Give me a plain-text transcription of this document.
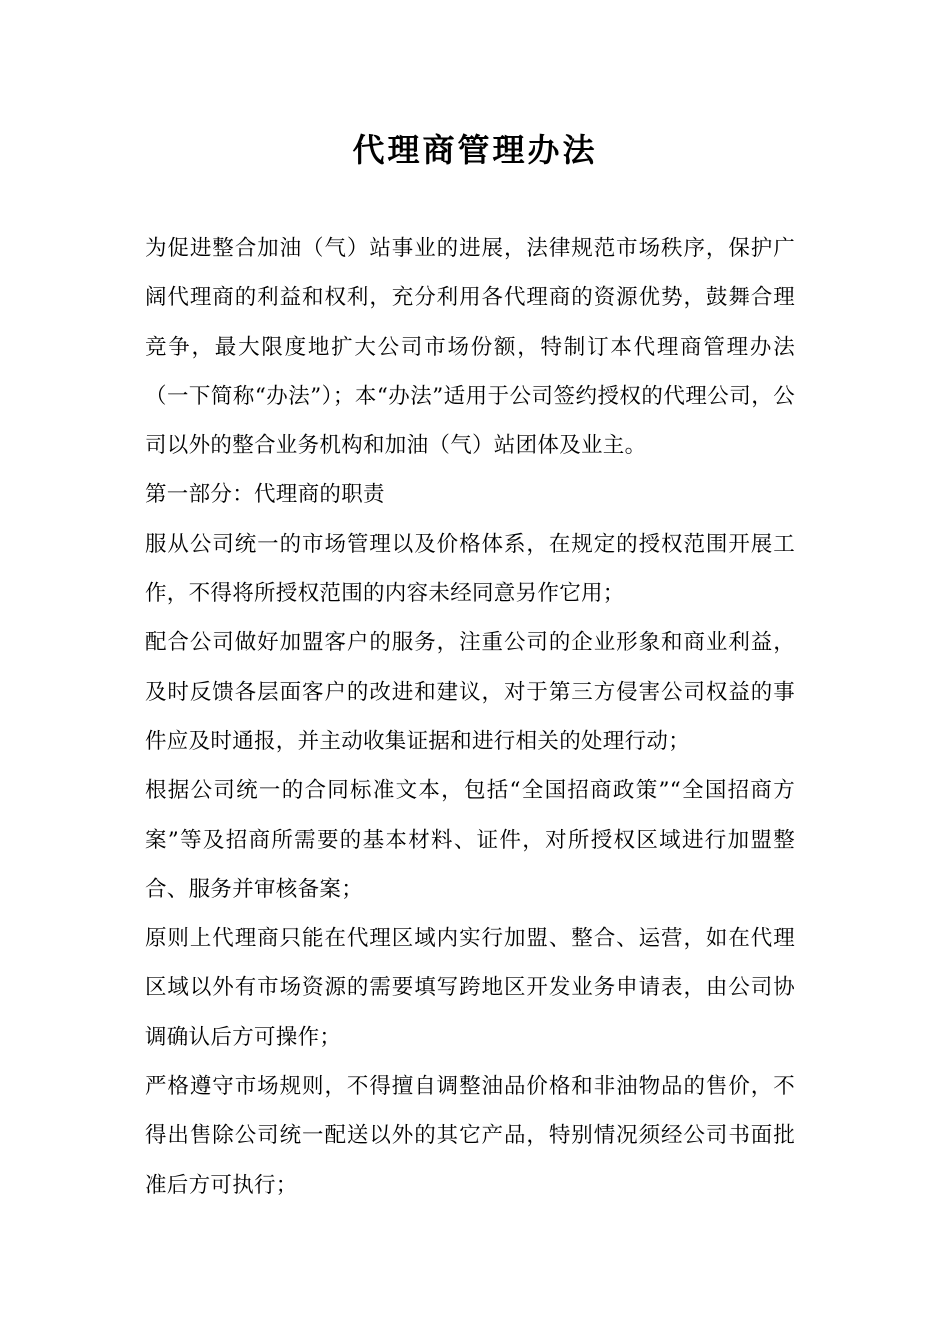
代理商管理办法

为促进整合加油（气）站事业的进展，法律规范市场秩序，保护广阔代理商的利益和权利，充分利用各代理商的资源优势，鼓舞合理竞争，最大限度地扩大公司市场份额，特制订本代理商管理办法（一下简称“办法”）；本“办法”适用于公司签约授权的代理公司，公司以外的整合业务机构和加油（气）站团体及业主。

第一部分：代理商的职责

服从公司统一的市场管理以及价格体系，在规定的授权范围开展工作，不得将所授权范围的内容未经同意另作它用；

配合公司做好加盟客户的服务，注重公司的企业形象和商业利益，及时反馈各层面客户的改进和建议，对于第三方侵害公司权益的事件应及时通报，并主动收集证据和进行相关的处理行动；

根据公司统一的合同标准文本，包括“全国招商政策”“全国招商方案”等及招商所需要的基本材料、证件，对所授权区域进行加盟整合、服务并审核备案；

原则上代理商只能在代理区域内实行加盟、整合、运营，如在代理区域以外有市场资源的需要填写跨地区开发业务申请表，由公司协调确认后方可操作；

严格遵守市场规则，不得擅自调整油品价格和非油物品的售价，不得出售除公司统一配送以外的其它产品，特别情况须经公司书面批准后方可执行；
